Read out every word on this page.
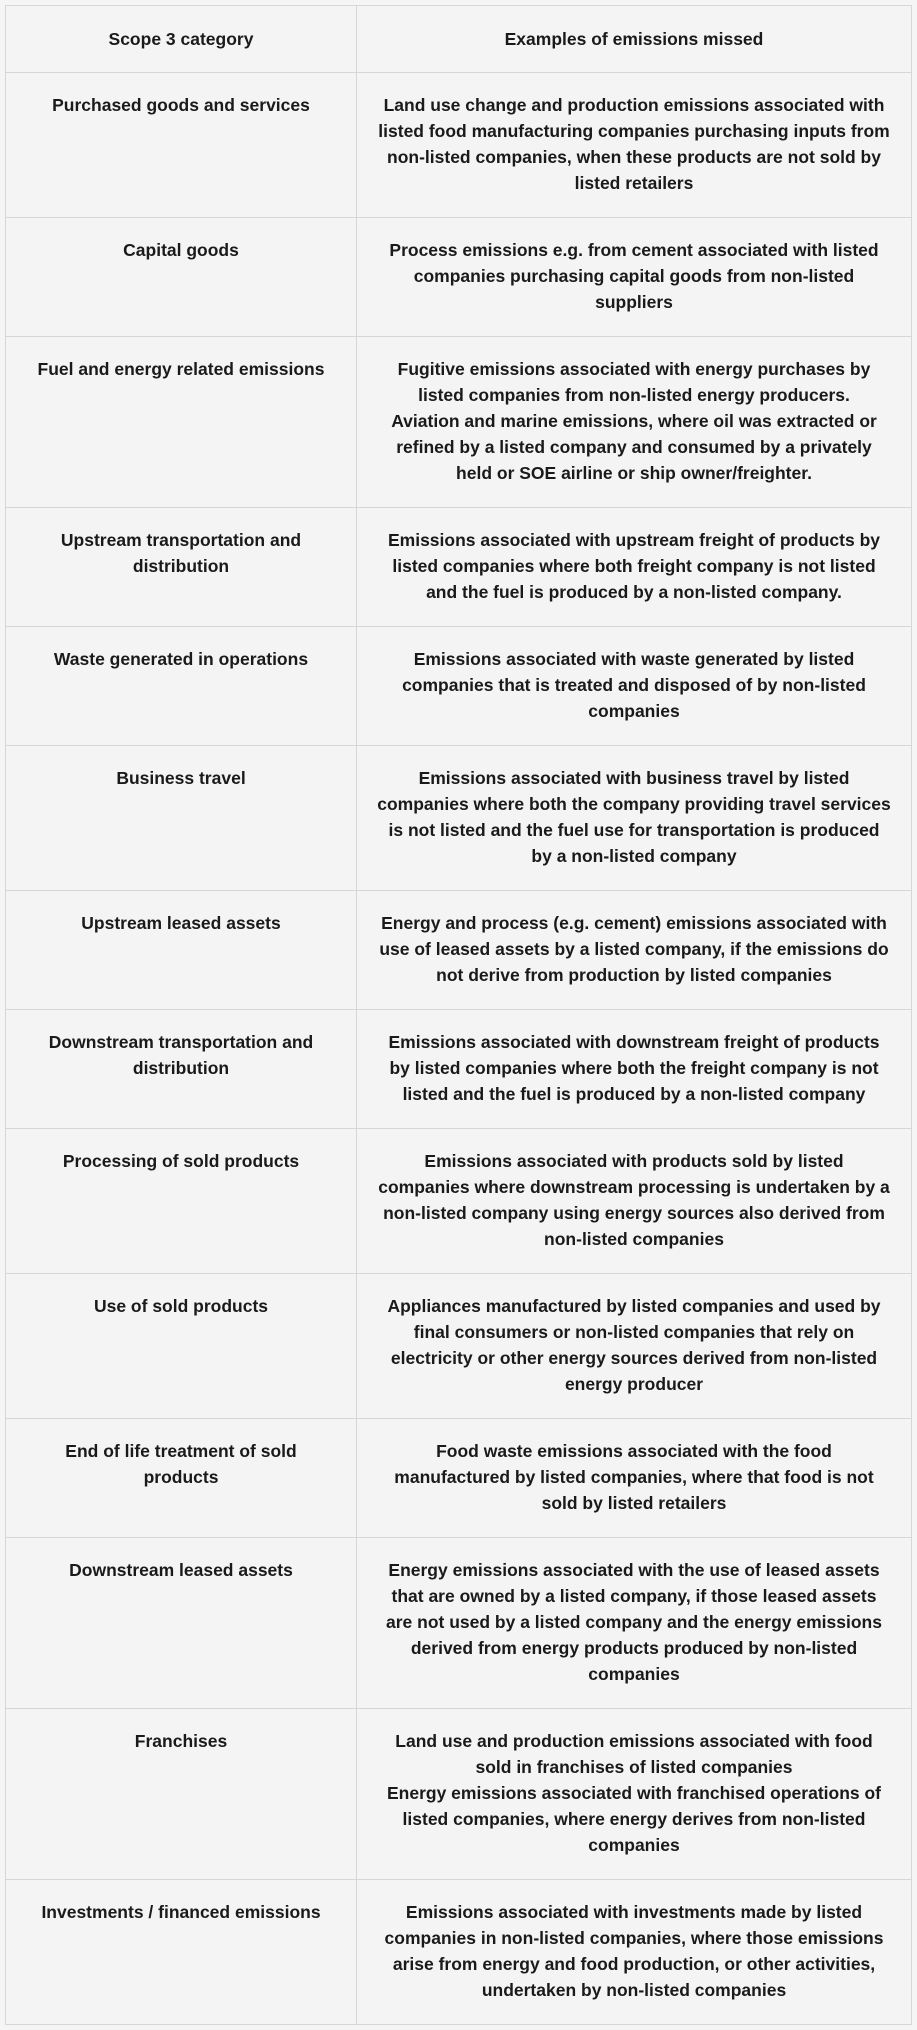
Scope 3 category	Examples of emissions missed
Purchased goods and services	Land use change and production emissions associated with listed food manufacturing companies purchasing inputs from non-listed companies, when these products are not sold by listed retailers

Capital goods	Process emissions e.g. from cement associated with listed companies purchasing capital goods from non-listed suppliers

Fuel and energy related emissions	Fugitive emissions associated with energy purchases by listed companies from non-listed energy producers.
Aviation and marine emissions, where oil was extracted or refined by a listed company and consumed by a privately held or SOE airline or ship owner/freighter.

Upstream transportation and distribution	Emissions associated with upstream freight of products by listed companies where both freight company is not listed and the fuel is produced by a non-listed company.

Waste generated in operations	Emissions associated with waste generated by listed companies that is treated and disposed of by non-listed companies

Business travel	Emissions associated with business travel by listed companies where both the company providing travel services is not listed and the fuel use for transportation is produced by a non-listed company

Upstream leased assets	Energy and process (e.g. cement) emissions associated with use of leased assets by a listed company, if the emissions do not derive from production by listed companies

Downstream transportation and distribution	Emissions associated with downstream freight of products by listed companies where both the freight company is not listed and the fuel is produced by a non-listed company

Processing of sold products	Emissions associated with products sold by listed companies where downstream processing is undertaken by a non-listed company using energy sources also derived from non-listed companies

Use of sold products	Appliances manufactured by listed companies and used by final consumers or non-listed companies that rely on electricity or other energy sources derived from non-listed energy producer

End of life treatment of sold products	Food waste emissions associated with the food manufactured by listed companies, where that food is not sold by listed retailers

Downstream leased assets	Energy emissions associated with the use of leased assets that are owned by a listed company, if those leased assets are not used by a listed company and the energy emissions derived from energy products produced by non-listed companies

Franchises	Land use and production emissions associated with food sold in franchises of listed companies
Energy emissions associated with franchised operations of listed companies, where energy derives from non-listed companies

Investments / financed emissions	Emissions associated with investments made by listed companies in non-listed companies, where those emissions arise from energy and food production, or other activities, undertaken by non-listed companies
